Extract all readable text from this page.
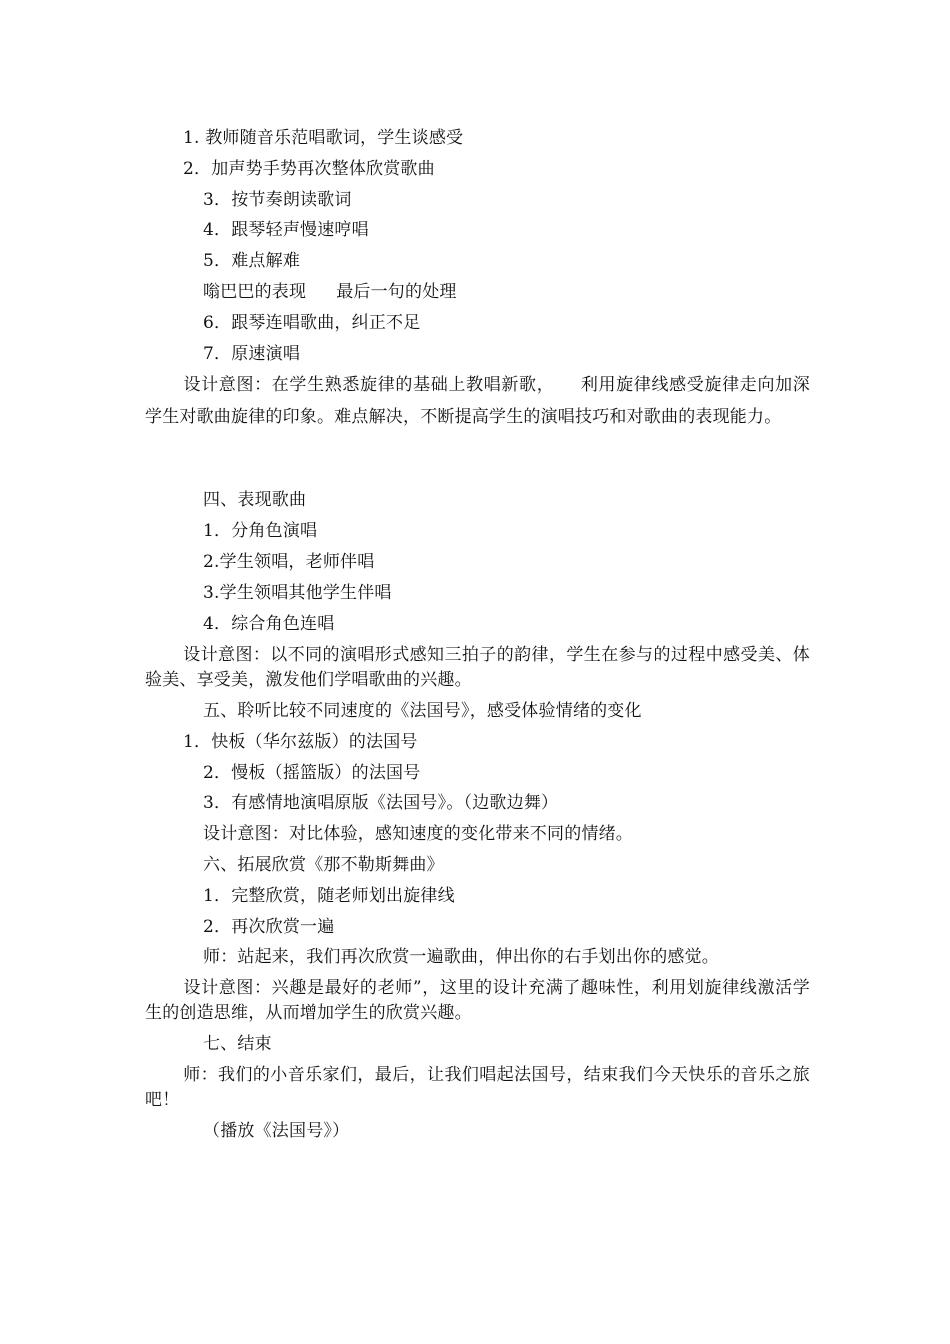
1. 教师随音乐范唱歌词，学生谈感受
2．加声势手势再次整体欣赏歌曲
3．按节奏朗读歌词
4．跟琴轻声慢速哼唱
5．难点解难
嗡巴巴的表现 最后一句的处理
6．跟琴连唱歌曲，纠正不足
7．原速演唱
设计意图：在学生熟悉旋律的基础上教唱新歌， 利用旋律线感受旋律走向加深学生对歌曲旋律的印象。难点解决，不断提高学生的演唱技巧和对歌曲的表现能力。
四、表现歌曲
1．分角色演唱
2.学生领唱，老师伴唱
3.学生领唱其他学生伴唱
4．综合角色连唱
设计意图：以不同的演唱形式感知三拍子的韵律，学生在参与的过程中感受美、体验美、享受美，激发他们学唱歌曲的兴趣。
五、聆听比较不同速度的《法国号》，感受体验情绪的变化
1．快板（华尔兹版）的法国号
2．慢板（摇篮版）的法国号
3．有感情地演唱原版《法国号》。（边歌边舞）
设计意图：对比体验，感知速度的变化带来不同的情绪。
六、拓展欣赏《那不勒斯舞曲》
1．完整欣赏，随老师划出旋律线
2．再次欣赏一遍
师：站起来，我们再次欣赏一遍歌曲，伸出你的右手划出你的感觉。
设计意图：兴趣是最好的老师”，这里的设计充满了趣味性，利用划旋律线激活学生的创造思维，从而增加学生的欣赏兴趣。
七、结束
师：我们的小音乐家们，最后，让我们唱起法国号，结束我们今天快乐的音乐之旅吧！
（播放《法国号》）
